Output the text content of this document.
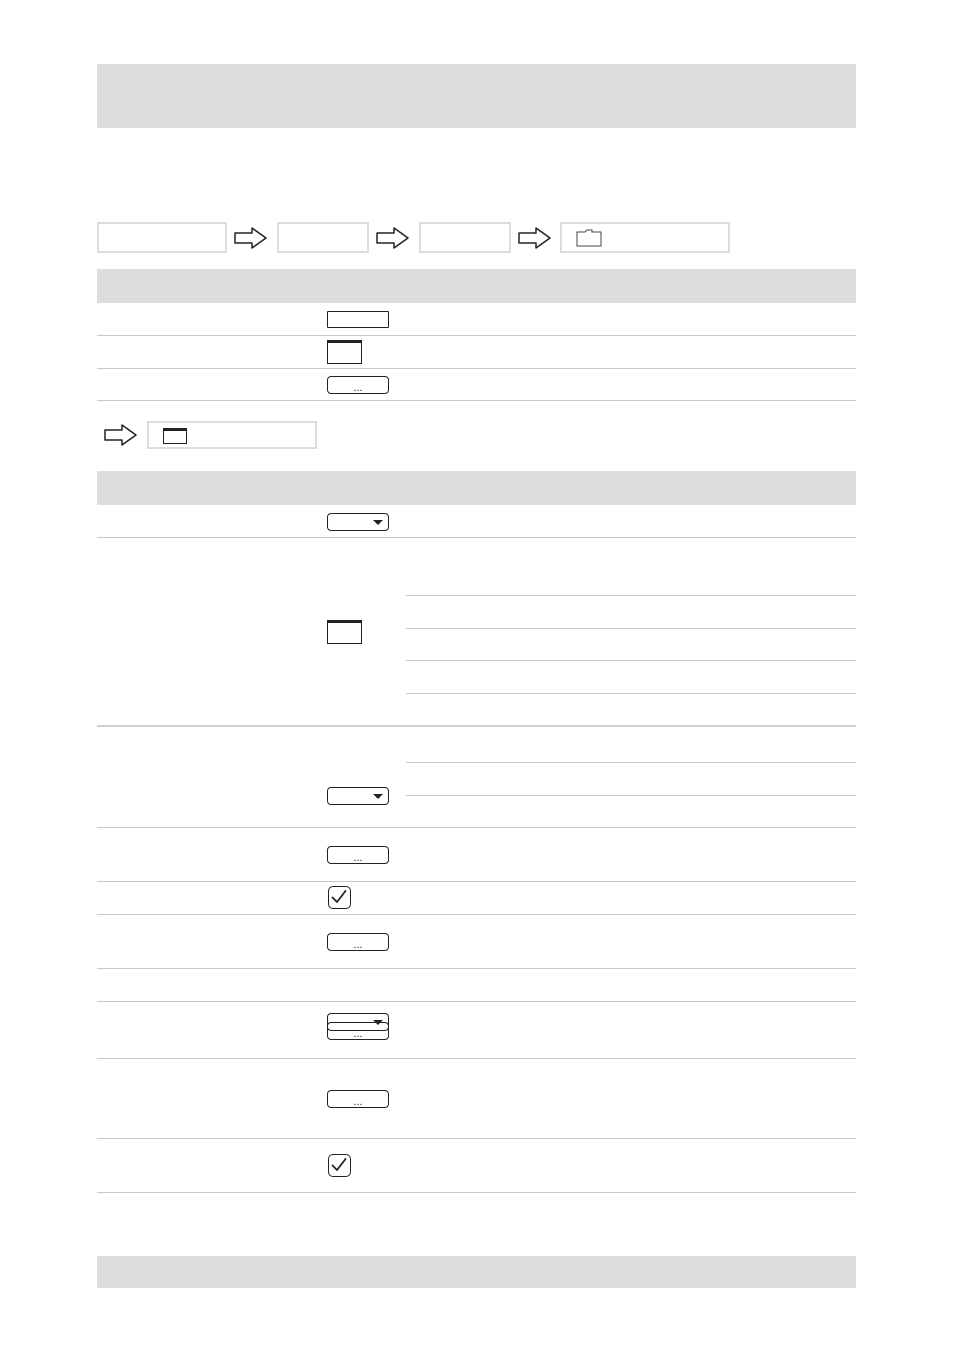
...
...
...
...
...
